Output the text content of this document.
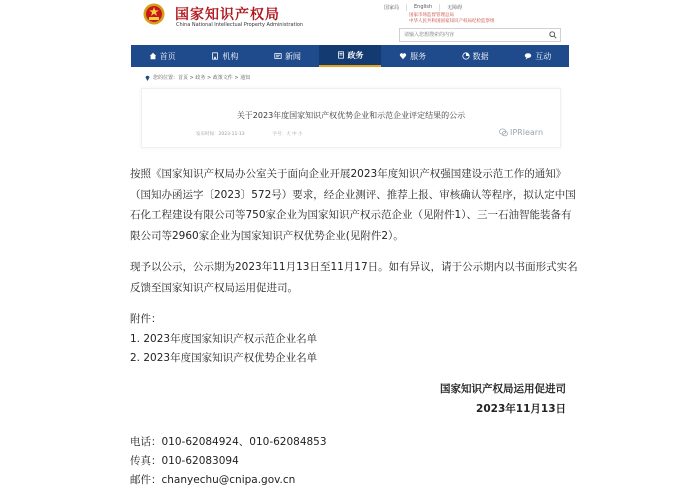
国家知识产权局
China National Intellectual Property Administration
国家局	English	无障碍
国家市场监督管理总局
中华人民共和国国家知识产权局纪检监察组
请输入您想搜索的内容
首页	机构	新闻	政务	服务	数据	互动
您的位置：首页 > 政务 > 政策文件 > 通知
关于2023年度国家知识产权优势企业和示范企业评定结果的公示
发布时间：2023-11-13	字号：大 中 小	IPRlearn

按照《国家知识产权局办公室关于面向企业开展2023年度知识产权强国建设示范工作的通知》（国知办函运字〔2023〕572号）要求，经企业测评、推荐上报、审核确认等程序，拟认定中国石化工程建设有限公司等750家企业为国家知识产权示范企业（见附件1）、三一石油智能装备有限公司等2960家企业为国家知识产权优势企业(见附件2）。

现予以公示，公示期为2023年11月13日至11月17日。如有异议，请于公示期内以书面形式实名反馈至国家知识产权局运用促进司。

附件：
1. 2023年度国家知识产权示范企业名单
2. 2023年度国家知识产权优势企业名单
国家知识产权局运用促进司
2023年11月13日
电话：010-62084924、010-62084853
传真：010-62083094
邮件：chanyechu@cnipa.gov.cn
